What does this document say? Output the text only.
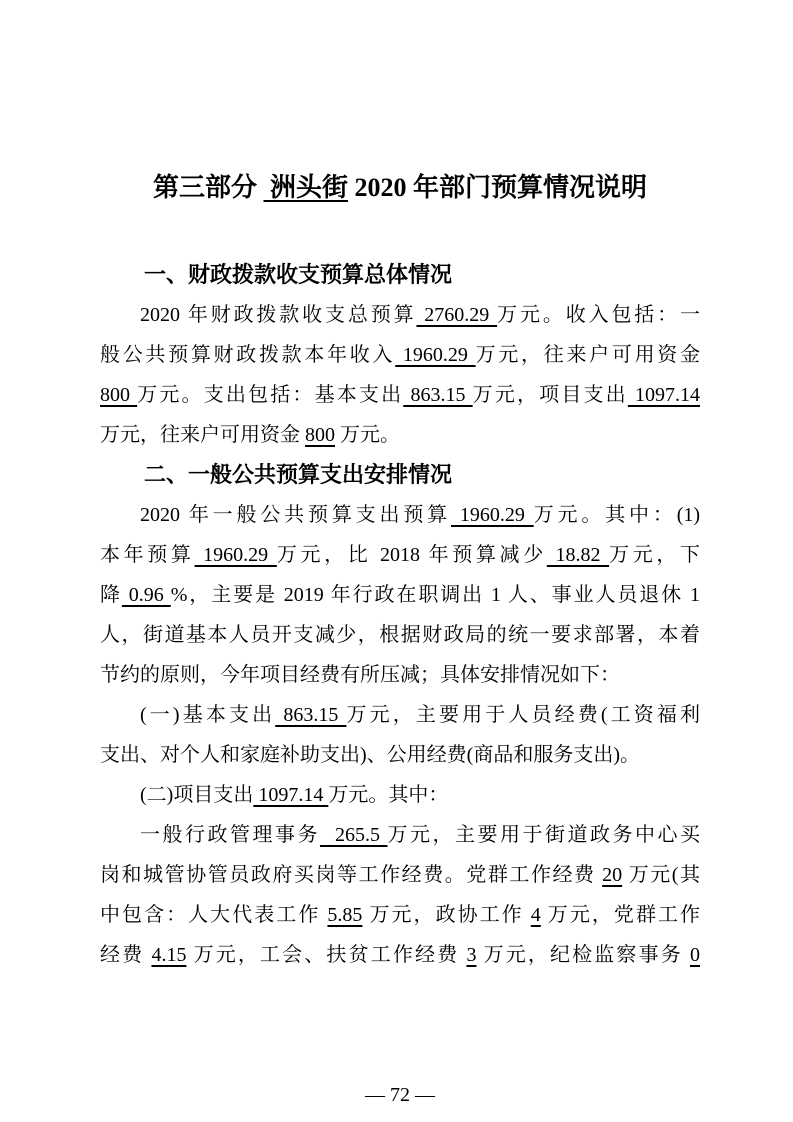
第三部分  洲头街 2020 年部门预算情况说明
一、财政拨款收支预算总体情况
2020 年财政拨款收支总预算 2760.29 万元。收入包括：一
般公共预算财政拨款本年收入 1960.29 万元，往来户可用资金
800 万元。支出包括：基本支出 863.15 万元，项目支出 1097.14
万元，往来户可用资金 800 万元。
二、一般公共预算支出安排情况
2020 年一般公共预算支出预算 1960.29 万元。其中：(1)
本年预算 1960.29 万元，比 2018 年预算减少 18.82 万元，下
降 0.96 %，主要是 2019 年行政在职调出 1 人、事业人员退休 1
人，街道基本人员开支减少，根据财政局的统一要求部署，本着
节约的原则，今年项目经费有所压减；具体安排情况如下：
(一)基本支出 863.15 万元，主要用于人员经费(工资福利
支出、对个人和家庭补助支出)、公用经费(商品和服务支出)。
(二)项目支出 1097.14 万元。其中：
一般行政管理事务  265.5 万元，主要用于街道政务中心买
岗和城管协管员政府买岗等工作经费。党群工作经费 20 万元(其
中包含：人大代表工作 5.85 万元，政协工作 4 万元，党群工作
经费 4.15 万元，工会、扶贫工作经费 3 万元，纪检监察事务 0
— 72 —
